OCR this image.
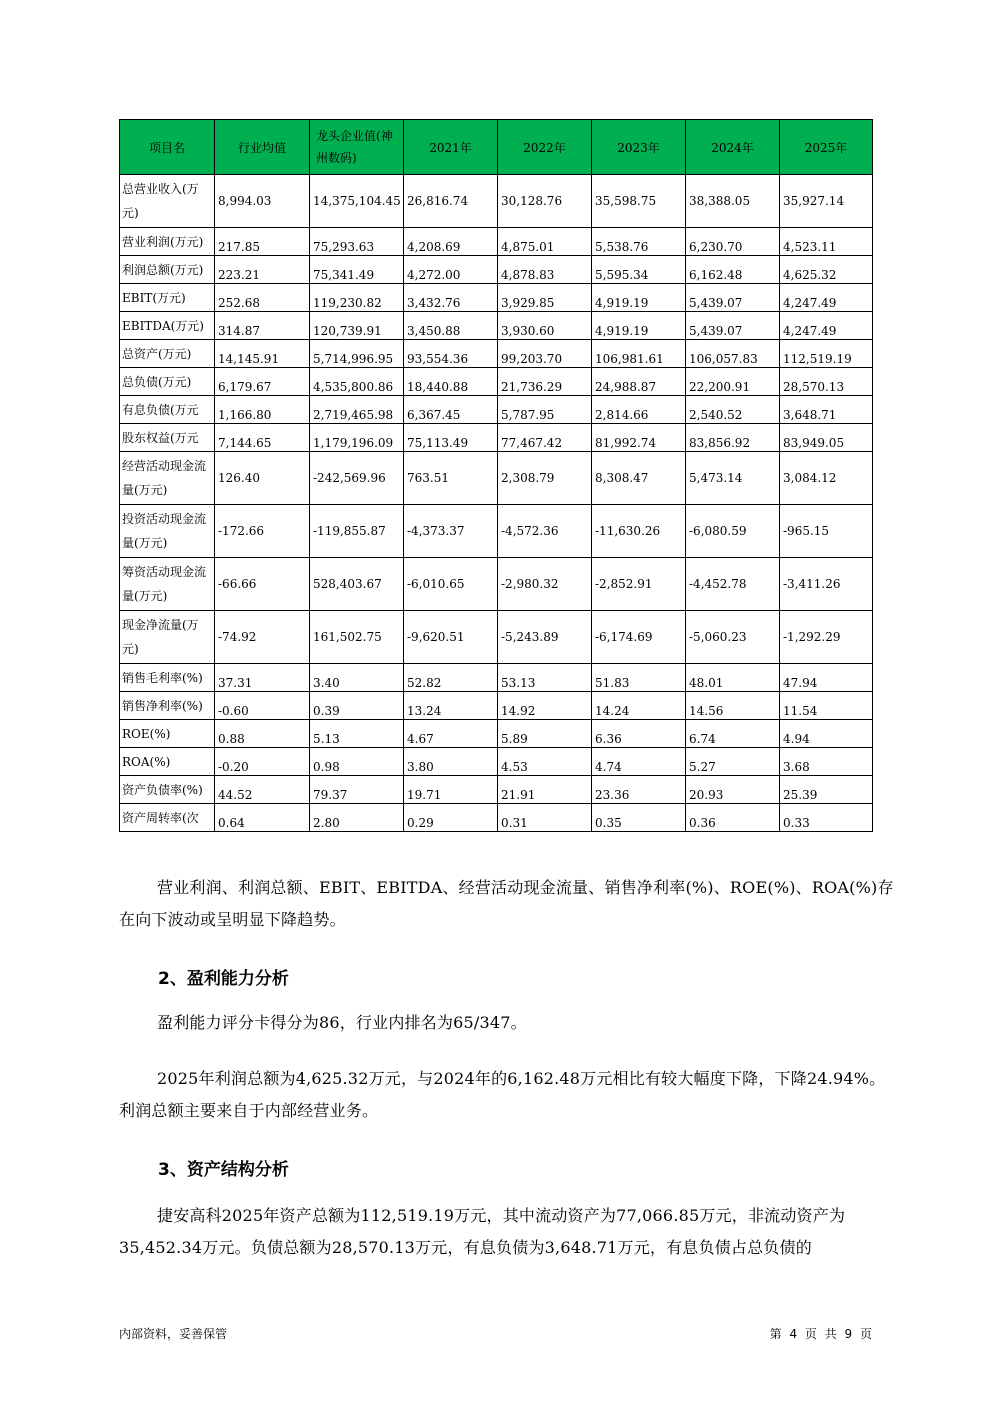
项目名	行业均值	龙头企业值(神州数码)	2021年	2022年	2023年	2024年	2025年
总营业收入(万元)	8,994.03	14,375,104.45	26,816.74	30,128.76	35,598.75	38,388.05	35,927.14
营业利润(万元)	217.85	75,293.63	4,208.69	4,875.01	5,538.76	6,230.70	4,523.11
利润总额(万元)	223.21	75,341.49	4,272.00	4,878.83	5,595.34	6,162.48	4,625.32
EBIT(万元)	252.68	119,230.82	3,432.76	3,929.85	4,919.19	5,439.07	4,247.49
EBITDA(万元)	314.87	120,739.91	3,450.88	3,930.60	4,919.19	5,439.07	4,247.49
总资产(万元)	14,145.91	5,714,996.95	93,554.36	99,203.70	106,981.61	106,057.83	112,519.19
总负债(万元)	6,179.67	4,535,800.86	18,440.88	21,736.29	24,988.87	22,200.91	28,570.13
有息负债(万元	1,166.80	2,719,465.98	6,367.45	5,787.95	2,814.66	2,540.52	3,648.71
股东权益(万元	7,144.65	1,179,196.09	75,113.49	77,467.42	81,992.74	83,856.92	83,949.05
经营活动现金流量(万元)	126.40	-242,569.96	763.51	2,308.79	8,308.47	5,473.14	3,084.12
投资活动现金流量(万元)	-172.66	-119,855.87	-4,373.37	-4,572.36	-11,630.26	-6,080.59	-965.15
筹资活动现金流量(万元)	-66.66	528,403.67	-6,010.65	-2,980.32	-2,852.91	-4,452.78	-3,411.26
现金净流量(万元)	-74.92	161,502.75	-9,620.51	-5,243.89	-6,174.69	-5,060.23	-1,292.29
销售毛利率(%)	37.31	3.40	52.82	53.13	51.83	48.01	47.94
销售净利率(%)	-0.60	0.39	13.24	14.92	14.24	14.56	11.54
ROE(%)	0.88	5.13	4.67	5.89	6.36	6.74	4.94
ROA(%)	-0.20	0.98	3.80	4.53	4.74	5.27	3.68
资产负债率(%)	44.52	79.37	19.71	21.91	23.36	20.93	25.39
资产周转率(次	0.64	2.80	0.29	0.31	0.35	0.36	0.33

营业利润、利润总额、EBIT、EBITDA、经营活动现金流量、销售净利率(%)、ROE(%)、ROA(%)存在向下波动或呈明显下降趋势。

2、盈利能力分析

盈利能力评分卡得分为86，行业内排名为65/347。

2025年利润总额为4,625.32万元，与2024年的6,162.48万元相比有较大幅度下降，下降24.94%。利润总额主要来自于内部经营业务。

3、资产结构分析

捷安高科2025年资产总额为112,519.19万元，其中流动资产为77,066.85万元，非流动资产为35,452.34万元。负债总额为28,570.13万元，有息负债为3,648.71万元，有息负债占总负债的

内部资料，妥善保管	第 4 页 共 9 页
